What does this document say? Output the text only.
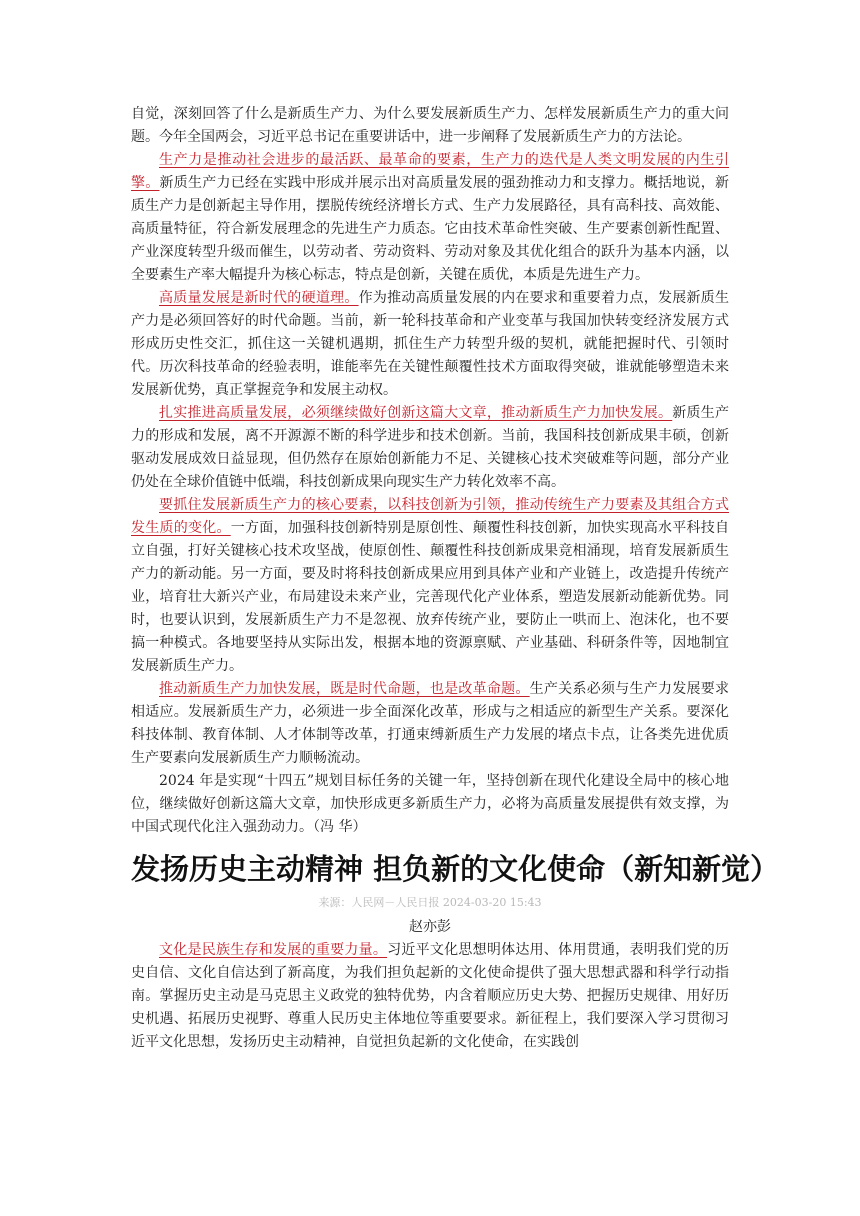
自觉，深刻回答了什么是新质生产力、为什么要发展新质生产力、怎样发展新质生产力的重大问题。今年全国两会，习近平总书记在重要讲话中，进一步阐释了发展新质生产力的方法论。

生产力是推动社会进步的最活跃、最革命的要素，生产力的迭代是人类文明发展的内生引擎。新质生产力已经在实践中形成并展示出对高质量发展的强劲推动力和支撑力。概括地说，新质生产力是创新起主导作用，摆脱传统经济增长方式、生产力发展路径，具有高科技、高效能、高质量特征，符合新发展理念的先进生产力质态。它由技术革命性突破、生产要素创新性配置、产业深度转型升级而催生，以劳动者、劳动资料、劳动对象及其优化组合的跃升为基本内涵，以全要素生产率大幅提升为核心标志，特点是创新，关键在质优，本质是先进生产力。

高质量发展是新时代的硬道理。作为推动高质量发展的内在要求和重要着力点，发展新质生产力是必须回答好的时代命题。当前，新一轮科技革命和产业变革与我国加快转变经济发展方式形成历史性交汇，抓住这一关键机遇期，抓住生产力转型升级的契机，就能把握时代、引领时代。历次科技革命的经验表明，谁能率先在关键性颠覆性技术方面取得突破，谁就能够塑造未来发展新优势，真正掌握竞争和发展主动权。

扎实推进高质量发展，必须继续做好创新这篇大文章，推动新质生产力加快发展。新质生产力的形成和发展，离不开源源不断的科学进步和技术创新。当前，我国科技创新成果丰硕，创新驱动发展成效日益显现，但仍然存在原始创新能力不足、关键核心技术突破难等问题，部分产业仍处在全球价值链中低端，科技创新成果向现实生产力转化效率不高。

要抓住发展新质生产力的核心要素，以科技创新为引领，推动传统生产力要素及其组合方式发生质的变化。一方面，加强科技创新特别是原创性、颠覆性科技创新，加快实现高水平科技自立自强，打好关键核心技术攻坚战，使原创性、颠覆性科技创新成果竞相涌现，培育发展新质生产力的新动能。另一方面，要及时将科技创新成果应用到具体产业和产业链上，改造提升传统产业，培育壮大新兴产业，布局建设未来产业，完善现代化产业体系，塑造发展新动能新优势。同时，也要认识到，发展新质生产力不是忽视、放弃传统产业，要防止一哄而上、泡沫化，也不要搞一种模式。各地要坚持从实际出发，根据本地的资源禀赋、产业基础、科研条件等，因地制宜发展新质生产力。

推动新质生产力加快发展，既是时代命题，也是改革命题。生产关系必须与生产力发展要求相适应。发展新质生产力，必须进一步全面深化改革，形成与之相适应的新型生产关系。要深化科技体制、教育体制、人才体制等改革，打通束缚新质生产力发展的堵点卡点，让各类先进优质生产要素向发展新质生产力顺畅流动。

2024 年是实现“十四五”规划目标任务的关键一年，坚持创新在现代化建设全局中的核心地位，继续做好创新这篇大文章，加快形成更多新质生产力，必将为高质量发展提供有效支撑，为中国式现代化注入强劲动力。（冯 华）

发扬历史主动精神 担负新的文化使命（新知新觉）
来源：人民网－人民日报 2024-03-20 15:43
赵亦彭

文化是民族生存和发展的重要力量。习近平文化思想明体达用、体用贯通，表明我们党的历史自信、文化自信达到了新高度，为我们担负起新的文化使命提供了强大思想武器和科学行动指南。掌握历史主动是马克思主义政党的独特优势，内含着顺应历史大势、把握历史规律、用好历史机遇、拓展历史视野、尊重人民历史主体地位等重要要求。新征程上，我们要深入学习贯彻习近平文化思想，发扬历史主动精神，自觉担负起新的文化使命，在实践创
